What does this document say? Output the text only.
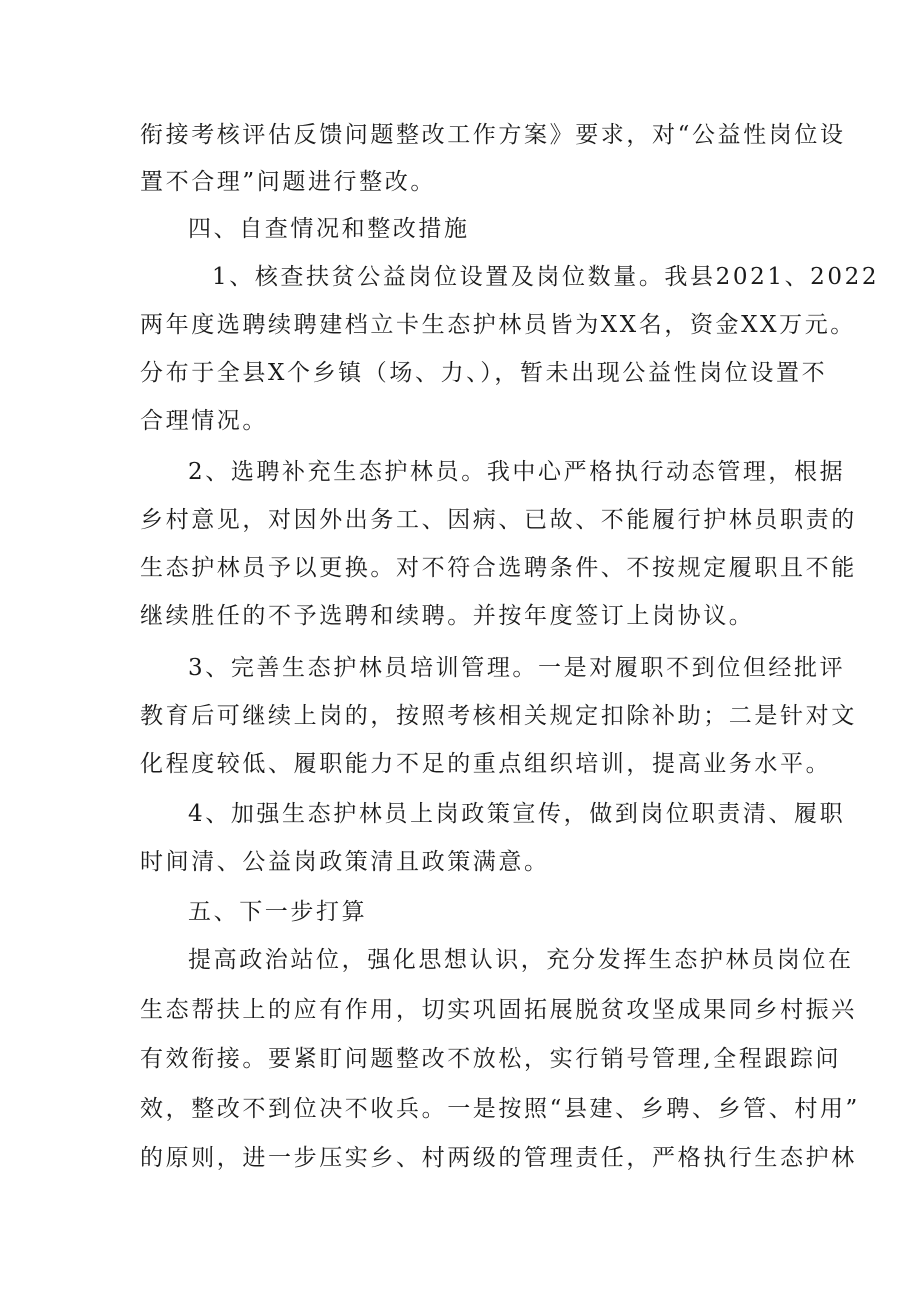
衔接考核评估反馈问题整改工作方案》要求，对“公益性岗位设
置不合理”问题进行整改。
四、自查情况和整改措施
1、核查扶贫公益岗位设置及岗位数量。我县2021、2022
两年度选聘续聘建档立卡生态护林员皆为XX名，资金XX万元。
分布于全县X个乡镇（场、力、），暂未出现公益性岗位设置不
合理情况。
2、选聘补充生态护林员。我中心严格执行动态管理，根据
乡村意见，对因外出务工、因病、已故、不能履行护林员职责的
生态护林员予以更换。对不符合选聘条件、不按规定履职且不能
继续胜任的不予选聘和续聘。并按年度签订上岗协议。
3、完善生态护林员培训管理。一是对履职不到位但经批评
教育后可继续上岗的，按照考核相关规定扣除补助；二是针对文
化程度较低、履职能力不足的重点组织培训，提高业务水平。
4、加强生态护林员上岗政策宣传，做到岗位职责清、履职
时间清、公益岗政策清且政策满意。
五、下一步打算
提高政治站位，强化思想认识，充分发挥生态护林员岗位在
生态帮扶上的应有作用，切实巩固拓展脱贫攻坚成果同乡村振兴
有效衔接。要紧盯问题整改不放松，实行销号管理,全程跟踪问
效，整改不到位决不收兵。一是按照“县建、乡聘、乡管、村用”
的原则，进一步压实乡、村两级的管理责任，严格执行生态护林
